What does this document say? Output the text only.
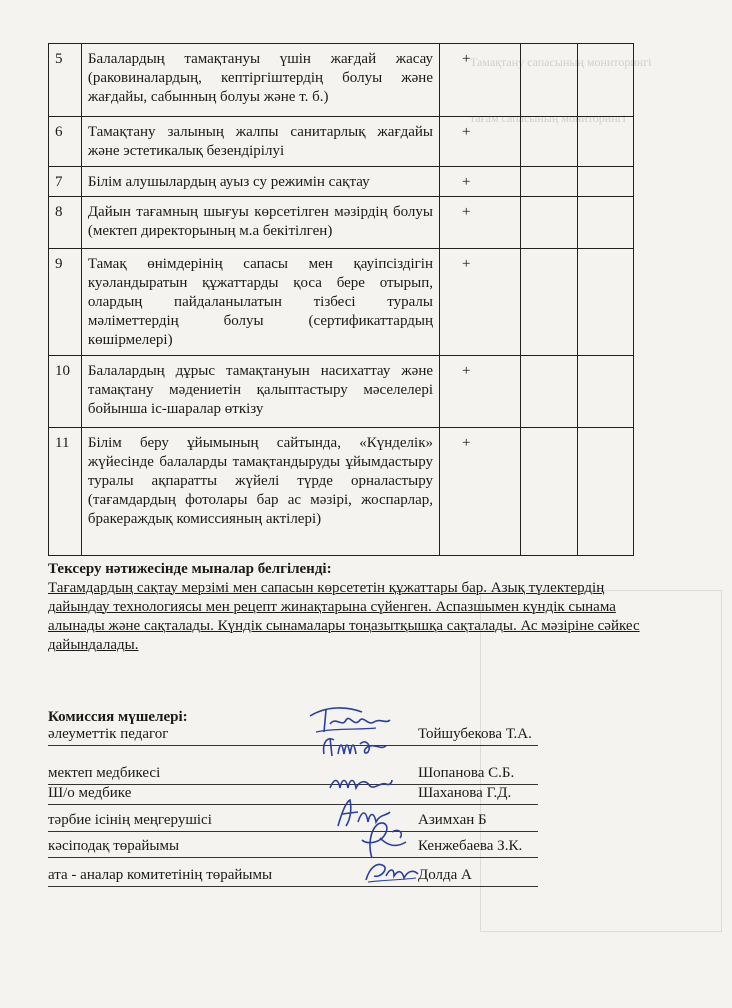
Тамақтану сапасының мониторингі
тағам сапасының мониторингі
5	Балалардың тамақтануы үшін жағдай жасау (раковиналардың, кептіргіштердің болуы және жағдайы, сабынның болуы және т. б.)	+		
6	Тамақтану залының жалпы санитарлық жағдайы және эстетикалық безендірілуі	+		
7	Білім алушылардың ауыз су режимін сақтау	+		
8	Дайын тағамның шығуы көрсетілген мәзірдің болуы (мектеп директорының м.а бекітілген)	+		
9	Тамақ өнімдерінің сапасы мен қауіпсіздігін куәландыратын құжаттарды қоса бере отырып, олардың пайдаланылатын тізбесі туралы мәліметтердің болуы (сертификаттардың көшірмелері)	+		
10	Балалардың дұрыс тамақтануын насихаттау және тамақтану мәдениетін қалыптастыру мәселелері бойынша іс-шаралар өткізу	+		
11	Білім беру ұйымының сайтында, «Күнделік» жүйесінде балаларды тамақтандыруды ұйымдастыру туралы ақпаратты жүйелі түрде орналастыру (тағамдардың фотолары бар ас мәзірі, жоспарлар, бракераждық комиссияның актілері)	+		
Тексеру нәтижесінде мыналар белгіленді:
Тағамдардың сақтау мерзімі мен сапасын көрсететін құжаттары бар. Азық түлектердің дайындау технологиясы мен рецепт жинақтарына сүйенген. Аспазшымен күндік сынама алынады және сақталады. Күндік сынамалары тоңазытқышқа сақталады. Ас мәзіріне сәйкес дайындалады.
Комиссия мүшелері:
әлеуметтік педагог	Тойшубекова Т.А.
мектеп медбикесі	Шопанова С.Б.
Ш/о медбике	Шаханова Г.Д.
тәрбие ісінің меңгерушісі	Азимхан Б
кәсіподақ төрайымы	Кенжебаева З.К.
ата - аналар комитетінің төрайымы	Долда А
